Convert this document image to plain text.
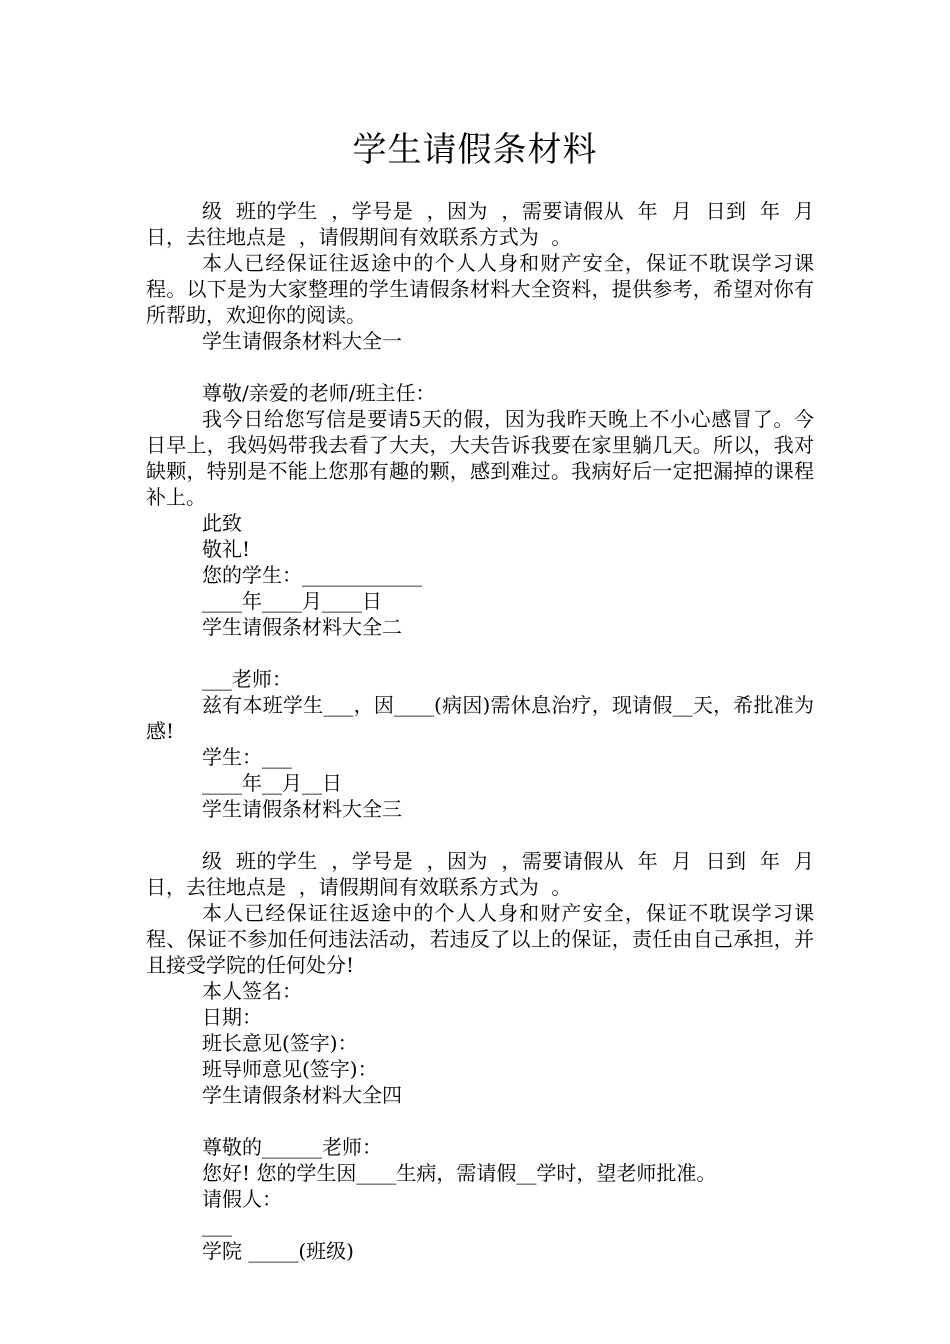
学生请假条材料

级  班的学生  ，学号是  ，因为  ，需要请假从  年  月  日到  年  月  日，去往地点是  ，请假期间有效联系方式为  。

本人已经保证往返途中的个人人身和财产安全，保证不耽误学习课程。以下是为大家整理的学生请假条材料大全资料，提供参考，希望对你有所帮助，欢迎你的阅读。

学生请假条材料大全一

尊敬/亲爱的老师/班主任：

我今日给您写信是要请5天的假，因为我昨天晚上不小心感冒了。今日早上，我妈妈带我去看了大夫，大夫告诉我要在家里躺几天。所以，我对缺颗，特别是不能上您那有趣的颗，感到难过。我病好后一定把漏掉的课程补上。

此致

敬礼!

您的学生：____________

____年____月____日

学生请假条材料大全二

___老师：

兹有本班学生___，因____(病因)需休息治疗，现请假__天，希批准为感!

学生：___

____年__月__日

学生请假条材料大全三

级  班的学生  ，学号是  ，因为  ，需要请假从  年  月  日到  年  月  日，去往地点是  ，请假期间有效联系方式为  。

本人已经保证往返途中的个人人身和财产安全，保证不耽误学习课程、保证不参加任何违法活动，若违反了以上的保证，责任由自己承担，并且接受学院的任何处分!

本人签名：

日期：

班长意见(签字)：

班导师意见(签字)：

学生请假条材料大全四

尊敬的______老师：

您好! 您的学生因____生病，需请假__学时，望老师批准。

请假人：

___

学院 _____(班级)
